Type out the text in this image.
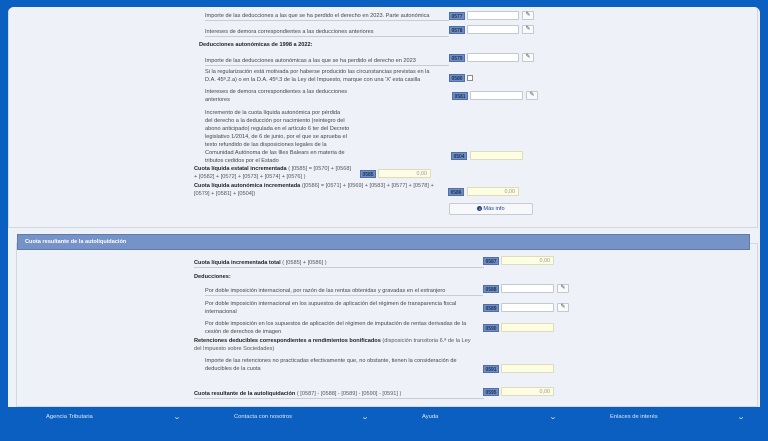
Importe de las deducciones a las que se ha perdido el derecho en 2023. Parte autonómica	0577	✎
Intereses de demora correspondientes a las deducciones anteriores	0578	✎
Deducciones autonómicas de 1998 a 2022:
Importe de las deducciones autonómicas a las que se ha perdido el derecho en 2023	0579	✎
Si la regularización está motivada por haberse producido las circunstancias previstas en la
D.A. 45ª.2.a) o en la D.A. 45ª.3 de la Ley del Impuesto, marque con una 'X' esta casilla	0580
Intereses de demora correspondientes a las deducciones
anteriores	0581	✎
Incremento de la cuota líquida autonómica por pérdida
del derecho a la deducción por nacimiento (reintegro del
abono anticipado) regulada en el artículo 6 ter del Decreto
legislativo 1/2014, de 6 de junio, por el que se aprueba el
texto refundido de las disposiciones legales de la
Comunidad Autónoma de las Illes Balears en materia de
tributos cedidos por el Estado
0504
Cuota líquida estatal incrementada ( [0585] = [0570] + [0568]
+ [0582] + [0572] + [0573] + [0574] + [0576] )	0585	0,00
Cuota líquida autonómica incrementada ([0586] = [0571] + [0569] + [0583] + [0577] + [0578] +
[0579] + [0581] + [0504])	0586	0,00
i Más info
Cuota resultante de la autoliquidación
Cuota líquida incrementada total ( [0585] + [0586] )	0587	0,00
Deducciones:
Por doble imposición internacional, por razón de las rentas obtenidas y gravadas en el extranjero	0588	✎
Por doble imposición internacional en los supuestos de aplicación del régimen de transparencia fiscal
internacional	0589	✎
Por doble imposición en los supuestos de aplicación del régimen de imputación de rentas derivadas de la
cesión de derechos de imagen	0590
Retenciones deducibles correspondientes a rendimientos bonificados (disposición transitoria 6.ª de la Ley
del Impuesto sobre Sociedades)
Importe de las retenciones no practicadas efectivamente que, no obstante, tienen la consideración de
deducibles de la cuota	0591
Cuota resultante de la autoliquidación ( [0587] - [0588] - [0589] - [0590] - [0591] )	0595	0,00
Agencia Tributaria	⌄	Contacta con nosotros	⌄	Ayuda	⌄	Enlaces de interés	⌄
